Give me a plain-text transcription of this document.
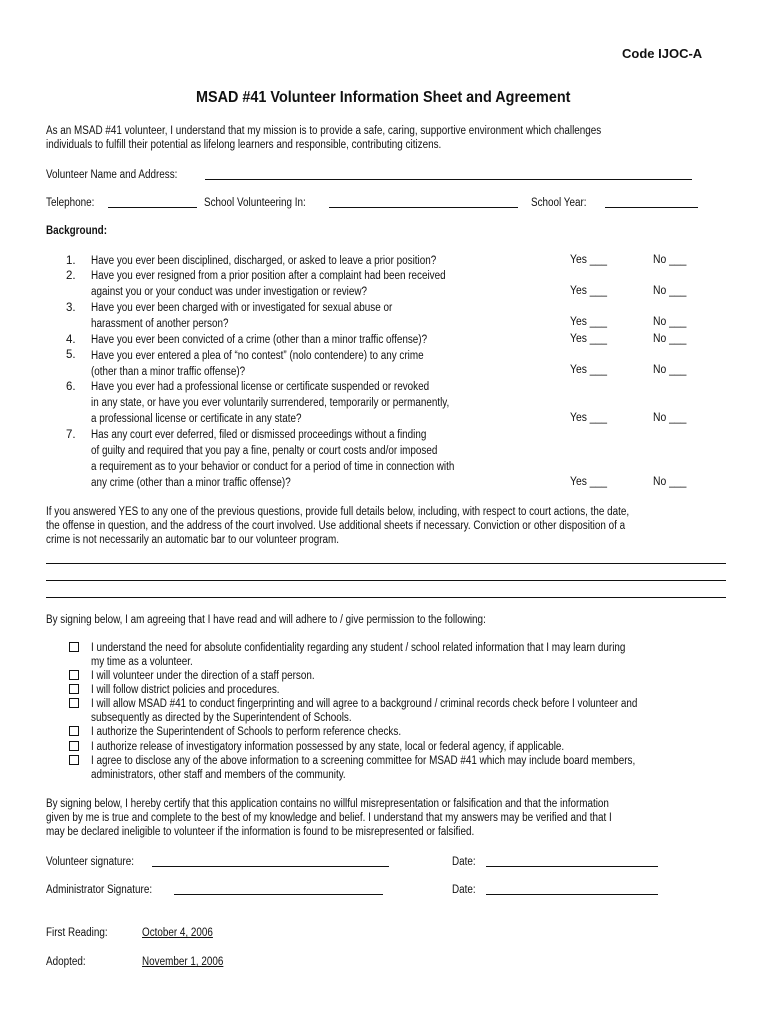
Code IJOC-A
MSAD #41 Volunteer Information Sheet and Agreement
As an MSAD #41 volunteer, I understand that my mission is to provide a safe, caring, supportive environment which challenges
individuals to fulfill their potential as lifelong learners and responsible, contributing citizens.
Volunteer Name and Address:
Telephone:	School Volunteering In:	School Year:
Background:
1. Have you ever been disciplined, discharged, or asked to leave a prior position?	Yes ___	No ___
2. Have you ever resigned from a prior position after a complaint had been received
against you or your conduct was under investigation or review?	Yes ___	No ___
3. Have you ever been charged with or investigated for sexual abuse or
harassment of another person?	Yes ___	No ___
4. Have you ever been convicted of a crime (other than a minor traffic offense)?	Yes ___	No ___
5. Have you ever entered a plea of “no contest” (nolo contendere) to any crime
(other than a minor traffic offense)?	Yes ___	No ___
6. Have you ever had a professional license or certificate suspended or revoked
in any state, or have you ever voluntarily surrendered, temporarily or permanently,
a professional license or certificate in any state?	Yes ___	No ___
7. Has any court ever deferred, filed or dismissed proceedings without a finding
of guilty and required that you pay a fine, penalty or court costs and/or imposed
a requirement as to your behavior or conduct for a period of time in connection with
any crime (other than a minor traffic offense)?	Yes ___	No ___
If you answered YES to any one of the previous questions, provide full details below, including, with respect to court actions, the date,
the offense in question, and the address of the court involved. Use additional sheets if necessary. Conviction or other disposition of a
crime is not necessarily an automatic bar to our volunteer program.
By signing below, I am agreeing that I have read and will adhere to / give permission to the following:
I understand the need for absolute confidentiality regarding any student / school related information that I may learn during
my time as a volunteer.
I will volunteer under the direction of a staff person.
I will follow district policies and procedures.
I will allow MSAD #41 to conduct fingerprinting and will agree to a background / criminal records check before I volunteer and
subsequently as directed by the Superintendent of Schools.
I authorize the Superintendent of Schools to perform reference checks.
I authorize release of investigatory information possessed by any state, local or federal agency, if applicable.
I agree to disclose any of the above information to a screening committee for MSAD #41 which may include board members,
administrators, other staff and members of the community.
By signing below, I hereby certify that this application contains no willful misrepresentation or falsification and that the information
given by me is true and complete to the best of my knowledge and belief. I understand that my answers may be verified and that I
may be declared ineligible to volunteer if the information is found to be misrepresented or falsified.
Volunteer signature:	Date:
Administrator Signature:	Date:
First Reading:	October 4, 2006
Adopted:	November 1, 2006
